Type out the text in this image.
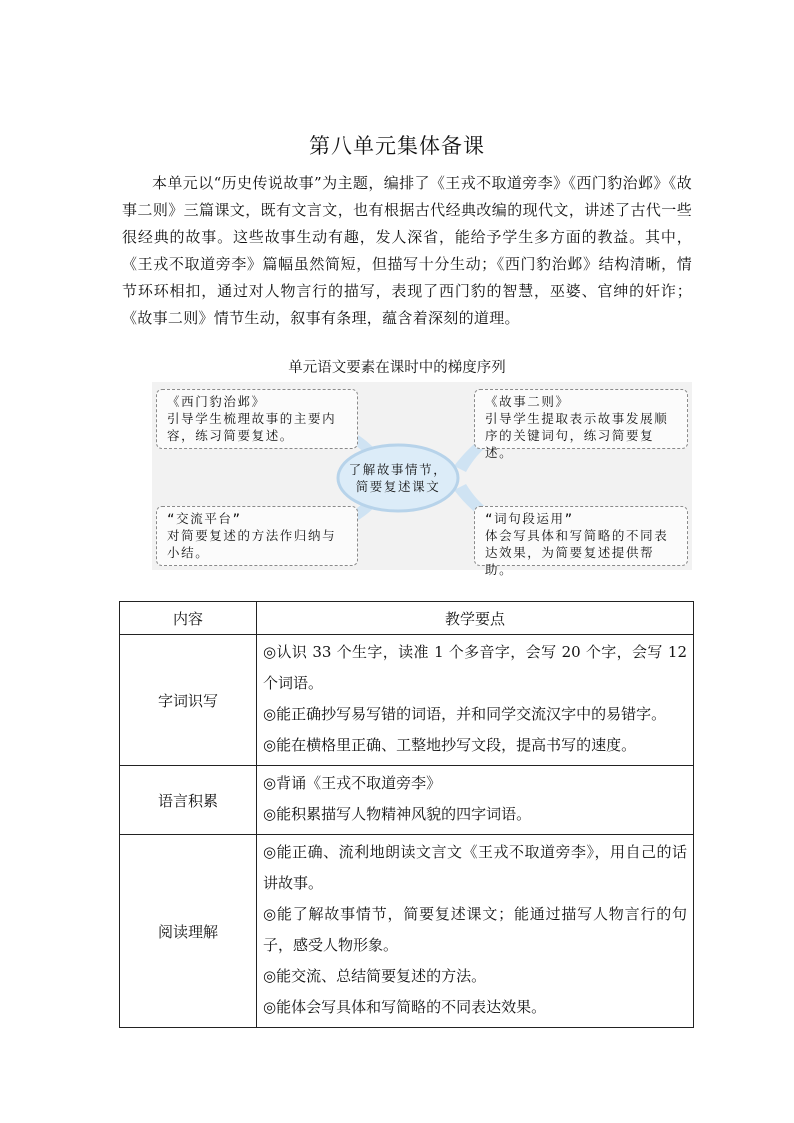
第八单元集体备课

本单元以“历史传说故事”为主题，编排了《王戎不取道旁李》《西门豹治邺》《故事二则》三篇课文，既有文言文，也有根据古代经典改编的现代文，讲述了古代一些很经典的故事。这些故事生动有趣，发人深省，能给予学生多方面的教益。其中，《王戎不取道旁李》篇幅虽然简短，但描写十分生动；《西门豹治邺》结构清晰，情节环环相扣，通过对人物言行的描写，表现了西门豹的智慧，巫婆、官绅的奸诈；《故事二则》情节生动，叙事有条理，蕴含着深刻的道理。

单元语文要素在课时中的梯度序列
了解故事情节，
简要复述课文
《西门豹治邺》
引导学生梳理故事的主要内容，练习简要复述。
《故事二则》
引导学生提取表示故事发展顺序的关键词句，练习简要复述。
“交流平台”
对简要复述的方法作归纳与小结。
“词句段运用”
体会写具体和写简略的不同表达效果，为简要复述提供帮助。
内容	教学要点
字词识写	◎认识 33 个生字，读准 1 个多音字，会写 20 个字，会写 12 个词语。

◎能正确抄写易写错的词语，并和同学交流汉字中的易错字。

◎能在横格里正确、工整地抄写文段，提高书写的速度。

语言积累	◎背诵《王戎不取道旁李》

◎能积累描写人物精神风貌的四字词语。

阅读理解	◎能正确、流利地朗读文言文《王戎不取道旁李》，用自己的话讲故事。

◎能了解故事情节，简要复述课文；能通过描写人物言行的句子，感受人物形象。

◎能交流、总结简要复述的方法。

◎能体会写具体和写简略的不同表达效果。
